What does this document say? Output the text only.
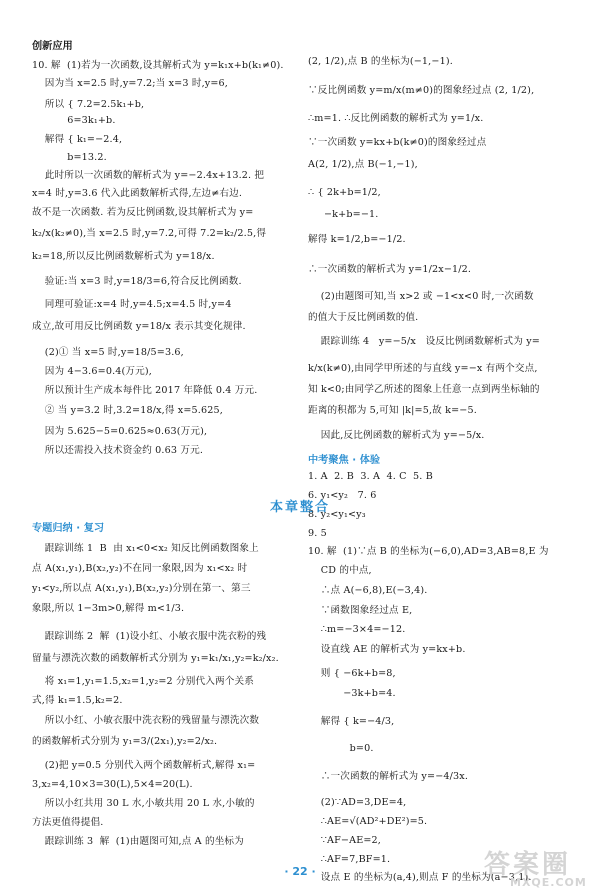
创新应用
10. 解  (1)若为一次函数,设其解析式为 y=k₁x+b(k₁≠0).
因为当 x=2.5 时,y=7.2;当 x=3 时,y=6,
所以 { 7.2=2.5k₁+b,
6=3k₁+b.
解得 { k₁=−2.4,
b=13.2.
此时所以一次函数的解析式为 y=−2.4x+13.2. 把
x=4 时,y=3.6 代入此函数解析式得,左边≠右边.
故不是一次函数. 若为反比例函数,设其解析式为 y=
k₂/x(k₂≠0),当 x=2.5 时,y=7.2,可得 7.2=k₂/2.5,得
k₂=18,所以反比例函数解析式为 y=18/x.
验证:当 x=3 时,y=18/3=6,符合反比例函数.
同理可验证:x=4 时,y=4.5;x=4.5 时,y=4
成立,故可用反比例函数 y=18/x 表示其变化规律.
(2)① 当 x=5 时,y=18/5=3.6,
因为 4−3.6=0.4(万元),
所以预计生产成本每件比 2017 年降低 0.4 万元.
② 当 y=3.2 时,3.2=18/x,得 x=5.625,
因为 5.625−5=0.625≈0.63(万元),
所以还需投入技术资金约 0.63 万元.
专题归纳 · 复习
跟踪训练 1  B  由 x₁<0<x₂ 知反比例函数图象上
点 A(x₁,y₁),B(x₂,y₂)不在同一象限,因为 x₁<x₂ 时
y₁<y₂,所以点 A(x₁,y₁),B(x₂,y₂)分别在第一、第三
象限,所以 1−3m>0,解得 m<1/3.
跟踪训练 2  解  (1)设小红、小敏衣服中洗衣粉的残
留量与漂洗次数的函数解析式分别为 y₁=k₁/x₁,y₂=k₂/x₂.
将 x₁=1,y₁=1.5,x₂=1,y₂=2 分别代入两个关系
式,得 k₁=1.5,k₂=2.
所以小红、小敏衣服中洗衣粉的残留量与漂洗次数
的函数解析式分别为 y₁=3/(2x₁),y₂=2/x₂.
(2)把 y=0.5 分别代入两个函数解析式,解得 x₁=
3,x₂=4,10×3=30(L),5×4=20(L).
所以小红共用 30 L 水,小敏共用 20 L 水,小敏的
方法更值得提倡.
跟踪训练 3  解  (1)由题图可知,点 A 的坐标为
(2, 1/2),点 B 的坐标为(−1,−1).
∵反比例函数 y=m/x(m≠0)的图象经过点 (2, 1/2),
∴m=1. ∴反比例函数的解析式为 y=1/x.
∵一次函数 y=kx+b(k≠0)的图象经过点
A(2, 1/2),点 B(−1,−1),
∴ { 2k+b=1/2,
−k+b=−1.
解得 k=1/2,b=−1/2.
∴一次函数的解析式为 y=1/2x−1/2.
(2)由题图可知,当 x>2 或 −1<x<0 时,一次函数
的值大于反比例函数的值.
跟踪训练 4   y=−5/x   设反比例函数解析式为 y=
k/x(k≠0),由同学甲所述的与直线 y=−x 有两个交点,
知 k<0;由同学乙所述的图象上任意一点到两坐标轴的
距离的积都为 5,可知 |k|=5,故 k=−5.
因此,反比例函数的解析式为 y=−5/x.
中考聚焦 · 体验
1. A  2. B  3. A  4. C  5. B
6. y₁<y₂   7. 6
8. y₂<y₁<y₃
9. 5
10. 解  (1)∵点 B 的坐标为(−6,0),AD=3,AB=8,E 为
CD 的中点,
∴点 A(−6,8),E(−3,4).
∵函数图象经过点 E,
∴m=−3×4=−12.
设直线 AE 的解析式为 y=kx+b.
则 { −6k+b=8,
−3k+b=4.
解得 { k=−4/3,
b=0.
∴一次函数的解析式为 y=−4/3x.
(2)∵AD=3,DE=4,
∴AE=√(AD²+DE²)=5.
∵AF−AE=2,
∴AF=7,BF=1.
设点 E 的坐标为(a,4),则点 F 的坐标为(a−3,1).
本章整合
· 22 ·	答案圈
MXQE.COM
